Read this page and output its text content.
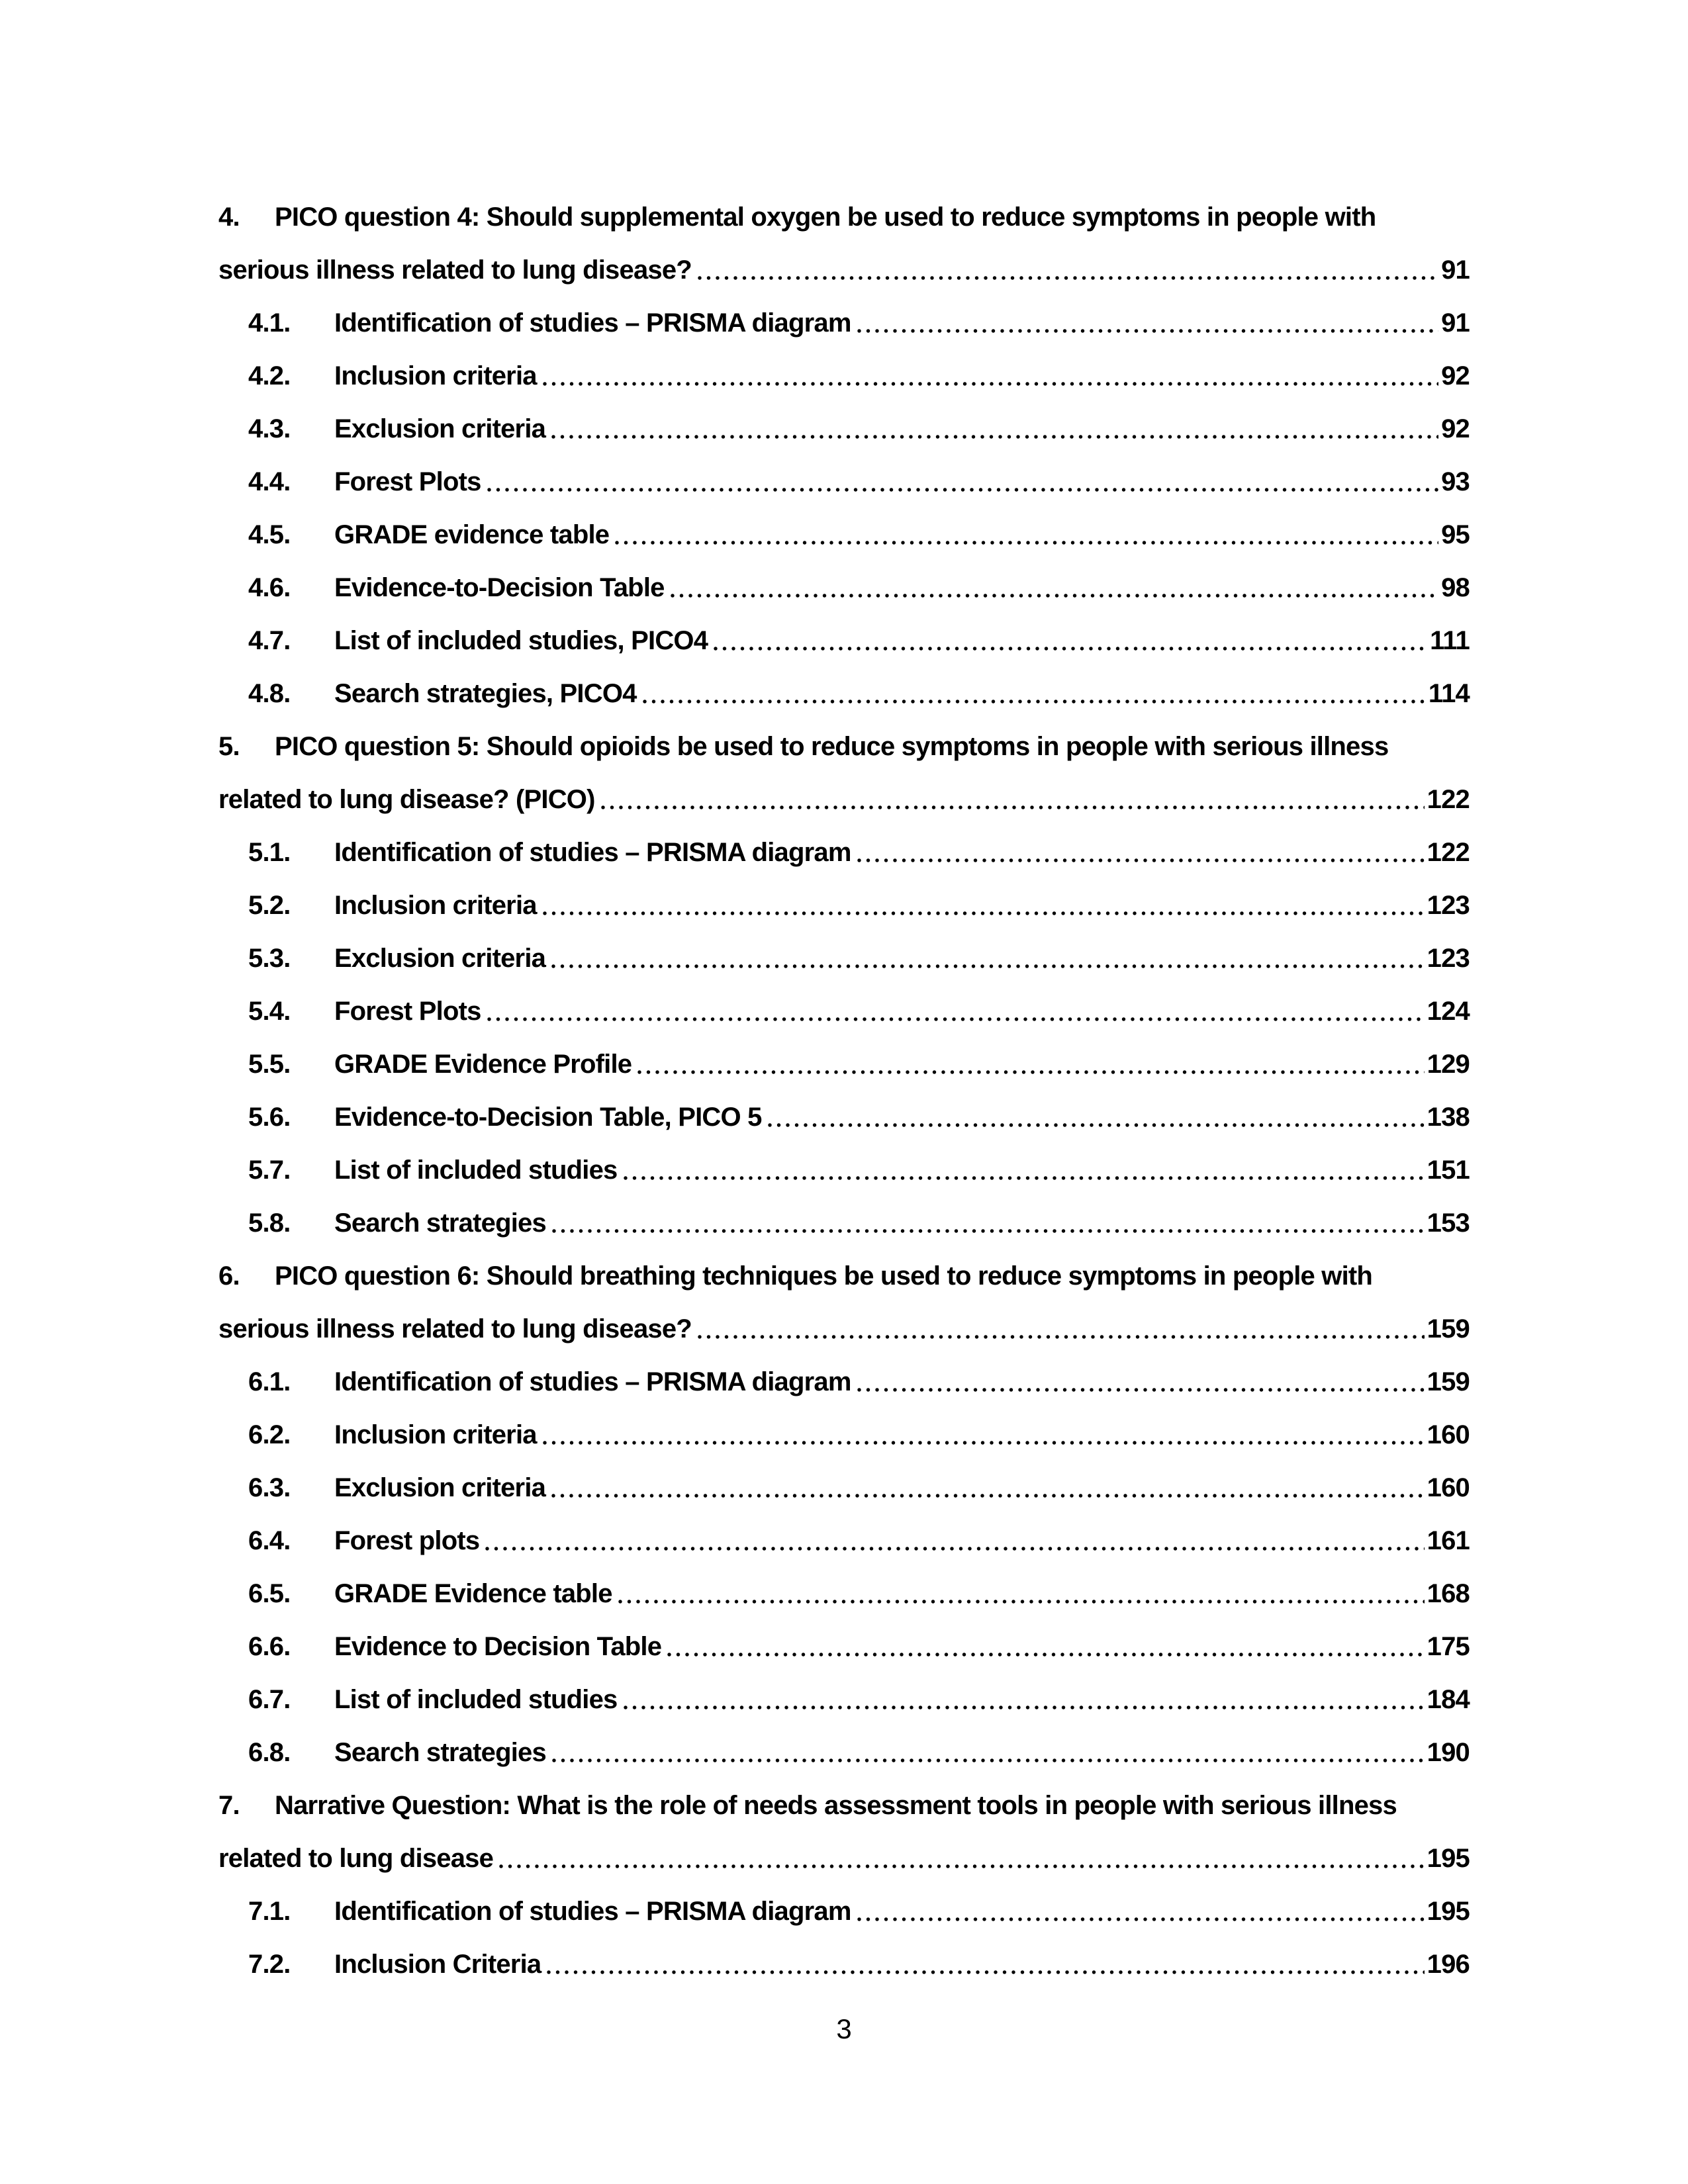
4.	PICO question 4: Should supplemental oxygen be used to reduce symptoms in people with
serious illness related to lung disease?	91
4.1.	Identification of studies – PRISMA diagram	91
4.2.	Inclusion criteria	92
4.3.	Exclusion criteria	92
4.4.	Forest Plots	93
4.5.	GRADE evidence table	95
4.6.	Evidence-to-Decision Table	98
4.7.	List of included studies, PICO4	111
4.8.	Search strategies, PICO4	114
5.	PICO question 5: Should opioids be used to reduce symptoms in people with serious illness
related to lung disease? (PICO)	122
5.1.	Identification of studies – PRISMA diagram	122
5.2.	Inclusion criteria	123
5.3.	Exclusion criteria	123
5.4.	Forest Plots	124
5.5.	GRADE Evidence Profile	129
5.6.	Evidence-to-Decision Table, PICO 5	138
5.7.	List of included studies	151
5.8.	Search strategies	153
6.	PICO question 6: Should breathing techniques be used to reduce symptoms in people with
serious illness related to lung disease?	159
6.1.	Identification of studies – PRISMA diagram	159
6.2.	Inclusion criteria	160
6.3.	Exclusion criteria	160
6.4.	Forest plots	161
6.5.	GRADE Evidence table	168
6.6.	Evidence to Decision Table	175
6.7.	List of included studies	184
6.8.	Search strategies	190
7.	Narrative Question: What is the role of needs assessment tools in people with serious illness
related to lung disease	195
7.1.	Identification of studies – PRISMA diagram	195
7.2.	Inclusion Criteria	196
3
